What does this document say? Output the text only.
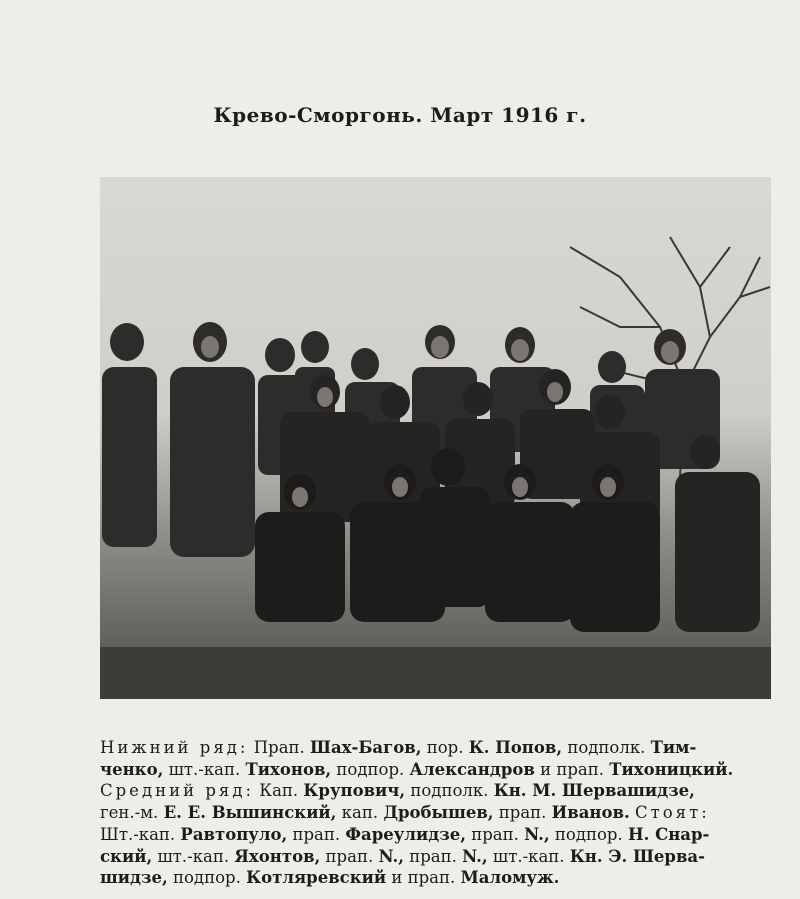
Крево-Сморгонь. Март 1916 г.
Нижний ряд: Прап. Шах-Багов, пор. К. Попов, подполк. Тим-
ченко, шт.-кап. Тихонов, подпор. Александров и прап. Тихоницкий.
Средний ряд: Кап. Крупович, подполк. Кн. М. Шервашидзе,
ген.-м. Е. Е. Вышинский, кап. Дробышев, прап. Иванов. Стоят:
Шт.-кап. Равтопуло, прап. Фареулидзе, прап. N., подпор. Н. Снар-
ский, шт.-кап. Яхонтов, прап. N., прап. N., шт.-кап. Кн. Э. Шерва-
шидзе, подпор. Котляревский и прап. Маломуж.
